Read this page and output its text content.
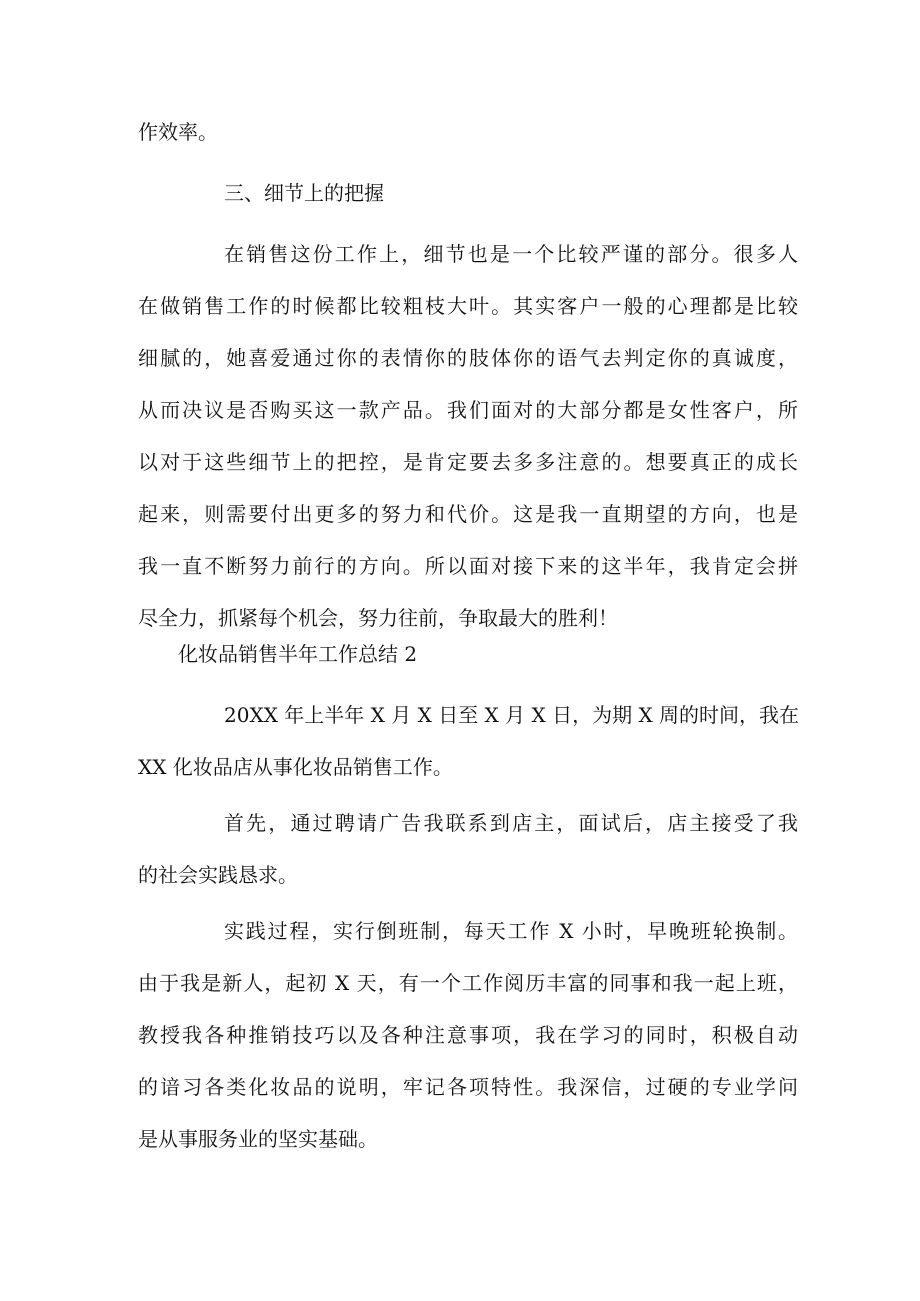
作效率。
三、细节上的把握
在销售这份工作上，细节也是一个比较严谨的部分。很多人
在做销售工作的时候都比较粗枝大叶。其实客户一般的心理都是比较
细腻的，她喜爱通过你的表情你的肢体你的语气去判定你的真诚度，
从而决议是否购买这一款产品。我们面对的大部分都是女性客户，所
以对于这些细节上的把控，是肯定要去多多注意的。想要真正的成长
起来，则需要付出更多的努力和代价。这是我一直期望的方向，也是
我一直不断努力前行的方向。所以面对接下来的这半年，我肯定会拼
尽全力，抓紧每个机会，努力往前，争取最大的胜利！
化妆品销售半年工作总结 2
20XX 年上半年 X 月 X 日至 X 月 X 日，为期 X 周的时间，我在
XX 化妆品店从事化妆品销售工作。
首先，通过聘请广告我联系到店主，面试后，店主接受了我
的社会实践恳求。
实践过程，实行倒班制，每天工作 X 小时，早晚班轮换制。
由于我是新人，起初 X 天，有一个工作阅历丰富的同事和我一起上班，
教授我各种推销技巧以及各种注意事项，我在学习的同时，积极自动
的谙习各类化妆品的说明，牢记各项特性。我深信，过硬的专业学问
是从事服务业的坚实基础。
